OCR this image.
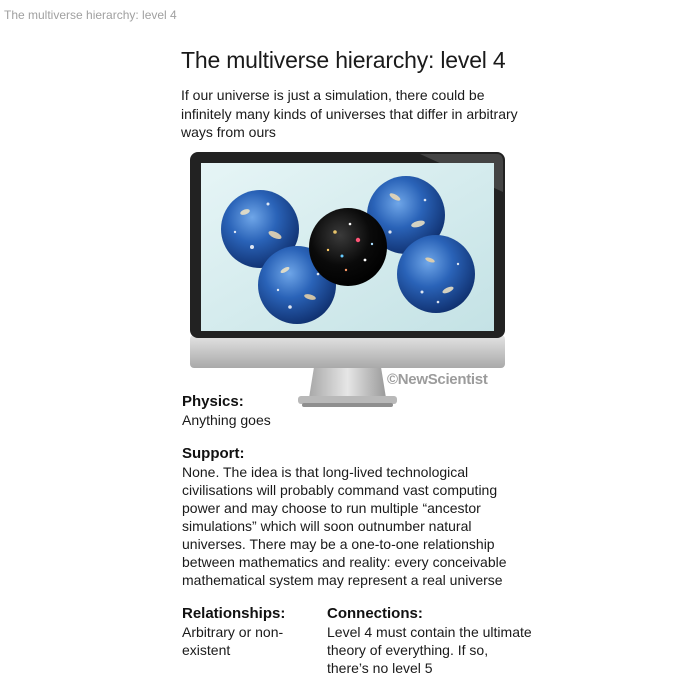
The multiverse hierarchy: level 4
The multiverse hierarchy: level 4
If our universe is just a simulation, there could be infinitely many kinds of universes that differ in arbitrary ways from ours
©NewScientist
Physics:
Anything goes
Support:
None. The idea is that long-lived technological civilisations will probably command vast computing power and may choose to run multiple “ancestor simulations” which will soon outnumber natural universes. There may be a one-to-one relationship between mathematics and reality: every conceivable mathematical system may represent a real universe
Relationships:
Arbitrary or non-existent
Connections:
Level 4 must contain the ultimate theory of everything. If so, there’s no level 5
